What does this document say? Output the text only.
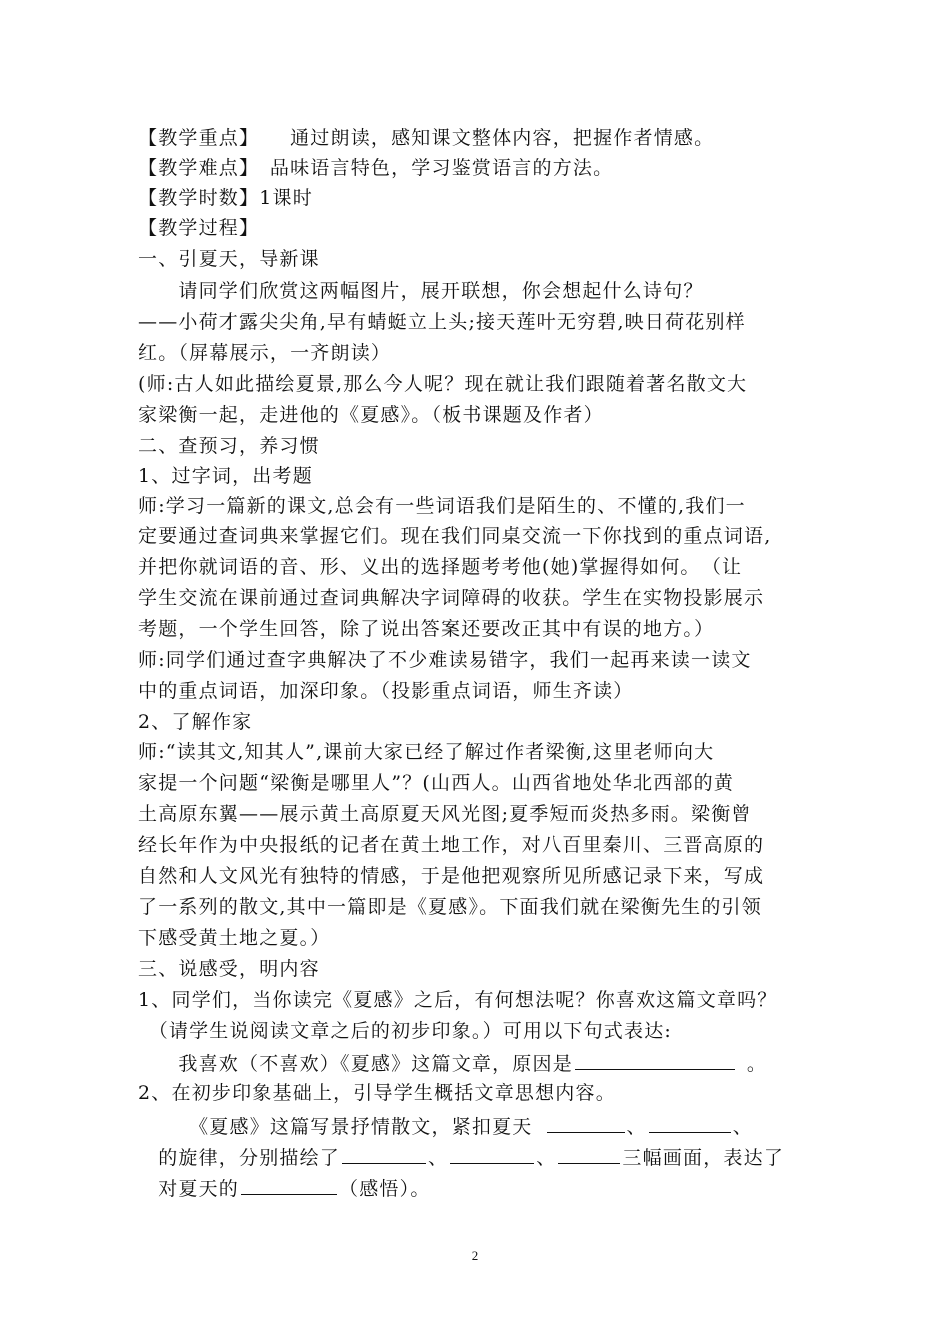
【教学重点】　　通过朗读，感知课文整体内容，把握作者情感。
【教学难点】　品味语言特色，学习鉴赏语言的方法。
【教学时数】1课时
【教学过程】
一、引夏天，导新课
　　请同学们欣赏这两幅图片，展开联想，你会想起什么诗句？
——小荷才露尖尖角,早有蜻蜓立上头;接天莲叶无穷碧,映日荷花别样
红。（屏幕展示，一齐朗读）
(师:古人如此描绘夏景,那么今人呢？现在就让我们跟随着著名散文大
家梁衡一起，走进他的《夏感》。（板书课题及作者）
二、查预习，养习惯
1、过字词，出考题
师:学习一篇新的课文,总会有一些词语我们是陌生的、不懂的,我们一
定要通过查词典来掌握它们。现在我们同桌交流一下你找到的重点词语,
并把你就词语的音、形、义出的选择题考考他(她)掌握得如何。　（让
学生交流在课前通过查词典解决字词障碍的收获。学生在实物投影展示
考题，一个学生回答，除了说出答案还要改正其中有误的地方。）
师:同学们通过查字典解决了不少难读易错字，我们一起再来读一读文
中的重点词语，加深印象。（投影重点词语，师生齐读）
2、了解作家
师:“读其文,知其人”,课前大家已经了解过作者梁衡,这里老师向大
家提一个问题“梁衡是哪里人”？(山西人。山西省地处华北西部的黄
土高原东翼——展示黄土高原夏天风光图;夏季短而炎热多雨。梁衡曾
经长年作为中央报纸的记者在黄土地工作，对八百里秦川、三晋高原的
自然和人文风光有独特的情感，于是他把观察所见所感记录下来，写成
了一系列的散文,其中一篇即是《夏感》。下面我们就在梁衡先生的引领
下感受黄土地之夏。）
三、说感受，明内容
1、同学们，当你读完《夏感》之后，有何想法呢？你喜欢这篇文章吗？
　（请学生说阅读文章之后的初步印象。）可用以下句式表达:
　　我喜欢（不喜欢）《夏感》这篇文章，原因是	。
2、在初步印象基础上，引导学生概括文章思想内容。
　　　《夏感》这篇写景抒情散文，紧扣夏天	、	、
　的旋律，分别描绘了	、	、	三幅画面，表达了
　对夏天的	（感悟）。
2
